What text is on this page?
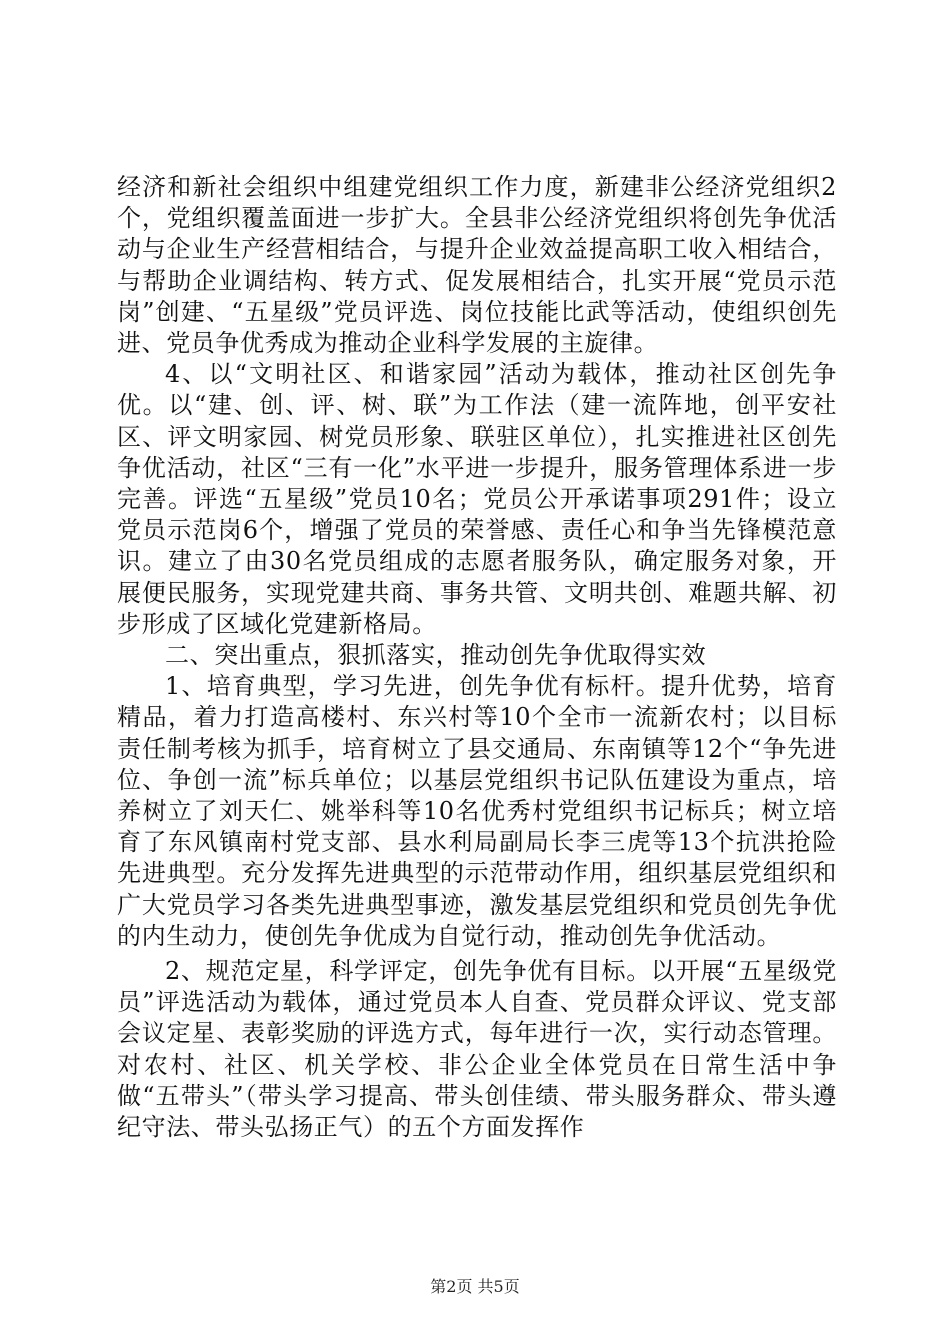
经济和新社会组织中组建党组织工作力度，新建非公经济党组织2个，党组织覆盖面进一步扩大。全县非公经济党组织将创先争优活动与企业生产经营相结合，与提升企业效益提高职工收入相结合，与帮助企业调结构、转方式、促发展相结合，扎实开展“党员示范岗”创建、“五星级”党员评选、岗位技能比武等活动，使组织创先进、党员争优秀成为推动企业科学发展的主旋律。

4、以“文明社区、和谐家园”活动为载体，推动社区创先争优。以“建、创、评、树、联”为工作法（建一流阵地，创平安社区、评文明家园、树党员形象、联驻区单位），扎实推进社区创先争优活动，社区“三有一化”水平进一步提升，服务管理体系进一步完善。评选“五星级”党员10名；党员公开承诺事项291件；设立党员示范岗6个，增强了党员的荣誉感、责任心和争当先锋模范意识。建立了由30名党员组成的志愿者服务队，确定服务对象，开展便民服务，实现党建共商、事务共管、文明共创、难题共解、初步形成了区域化党建新格局。

二、突出重点，狠抓落实，推动创先争优取得实效

1、培育典型，学习先进，创先争优有标杆。提升优势，培育精品，着力打造高楼村、东兴村等10个全市一流新农村；以目标责任制考核为抓手，培育树立了县交通局、东南镇等12个“争先进位、争创一流”标兵单位；以基层党组织书记队伍建设为重点，培养树立了刘天仁、姚举科等10名优秀村党组织书记标兵；树立培育了东风镇南村党支部、县水利局副局长李三虎等13个抗洪抢险先进典型。充分发挥先进典型的示范带动作用，组织基层党组织和广大党员学习各类先进典型事迹，激发基层党组织和党员创先争优的内生动力，使创先争优成为自觉行动，推动创先争优活动。

2、规范定星，科学评定，创先争优有目标。以开展“五星级党员”评选活动为载体，通过党员本人自查、党员群众评议、党支部会议定星、表彰奖励的评选方式，每年进行一次，实行动态管理。对农村、社区、机关学校、非公企业全体党员在日常生活中争做“五带头”（带头学习提高、带头创佳绩、带头服务群众、带头遵纪守法、带头弘扬正气）的五个方面发挥作

第2页 共5页
